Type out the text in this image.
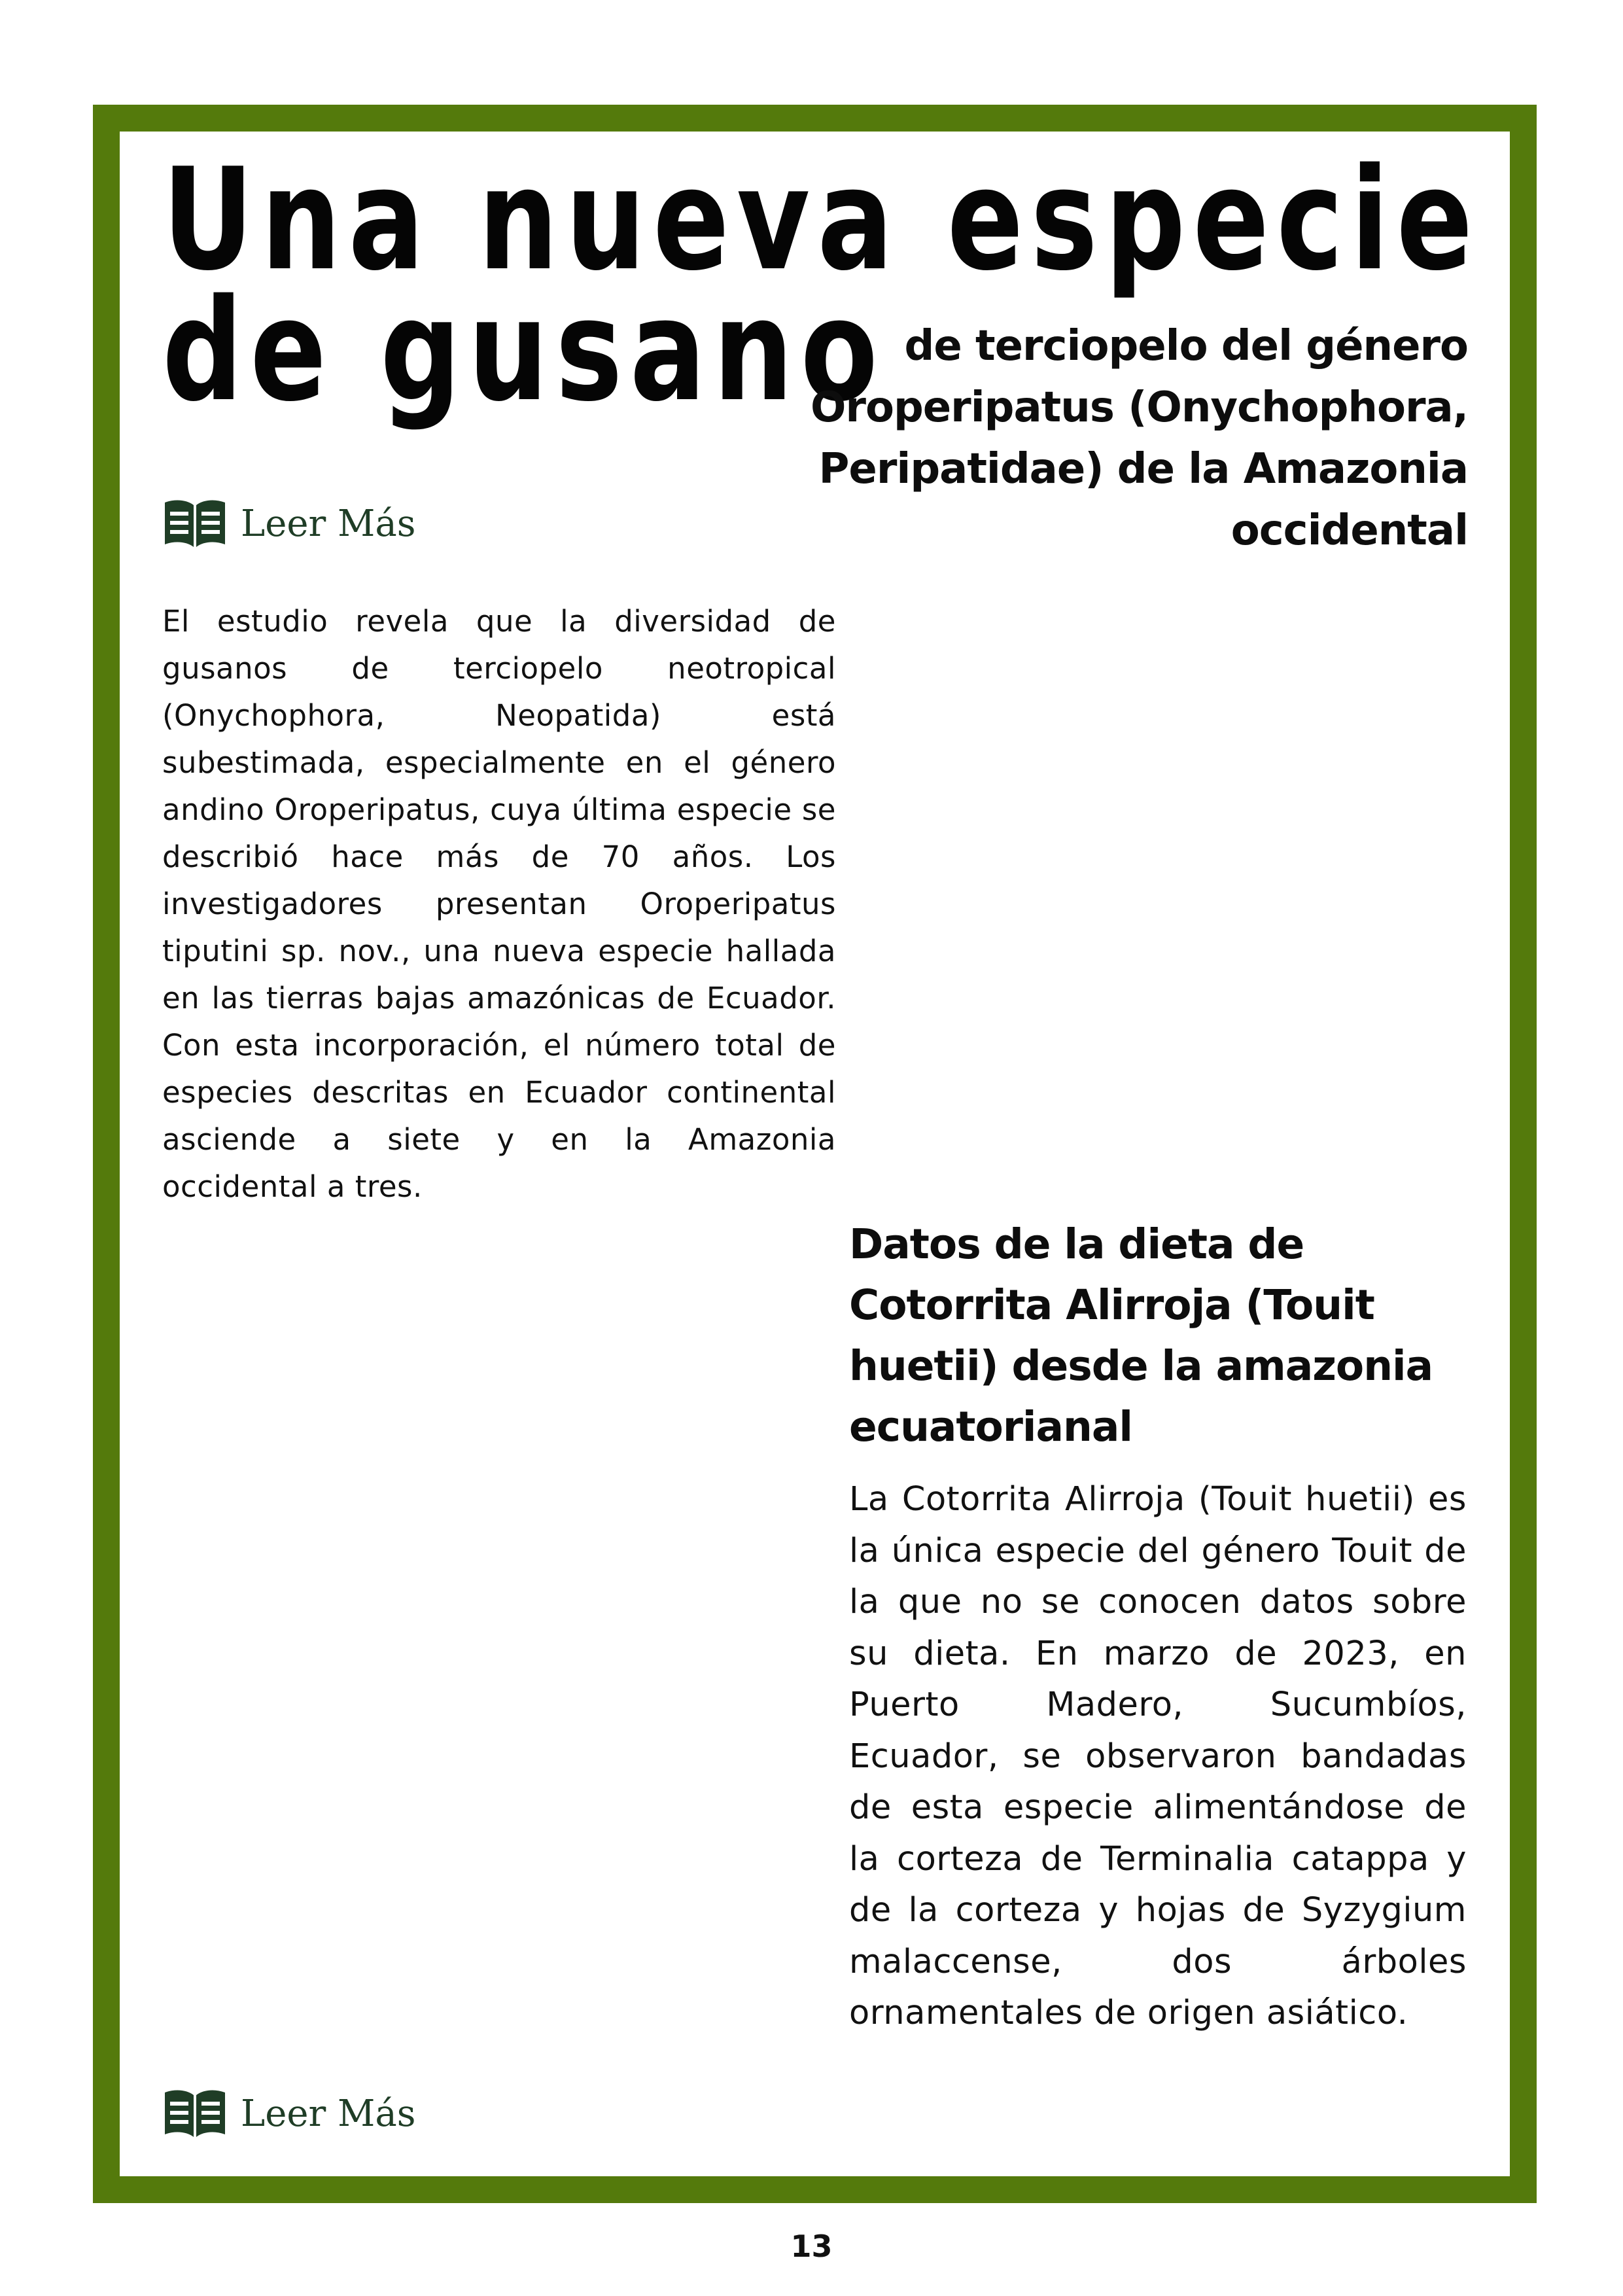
Una nueva especie
de gusano de terciopelo del género Oroperipatus (Onychophora, Peripatidae) de la Amazonia occidental
Leer Más

El estudio revela que la diversidad de gusanos de terciopelo neotropical (Onychophora, Neopatida) está subestimada, especialmente en el género andino Oroperipatus, cuya última especie se describió hace más de 70 años. Los investigadores presentan Oroperipatus tiputini sp. nov., una nueva especie hallada en las tierras bajas amazónicas de Ecuador. Con esta incorporación, el número total de especies descritas en Ecuador continental asciende a siete y en la Amazonia occidental a tres.

Datos de la dieta de Cotorrita Alirroja (Touit huetii) desde la amazonia ecuatorianal

La Cotorrita Alirroja (Touit huetii) es la única especie del género Touit de la que no se conocen datos sobre su dieta. En marzo de 2023, en Puerto Madero, Sucumbíos, Ecuador, se observaron bandadas de esta especie alimentándose de la corteza de Terminalia catappa y de la corteza y hojas de Syzygium malaccense, dos árboles ornamentales de origen asiático.

Leer Más
13
